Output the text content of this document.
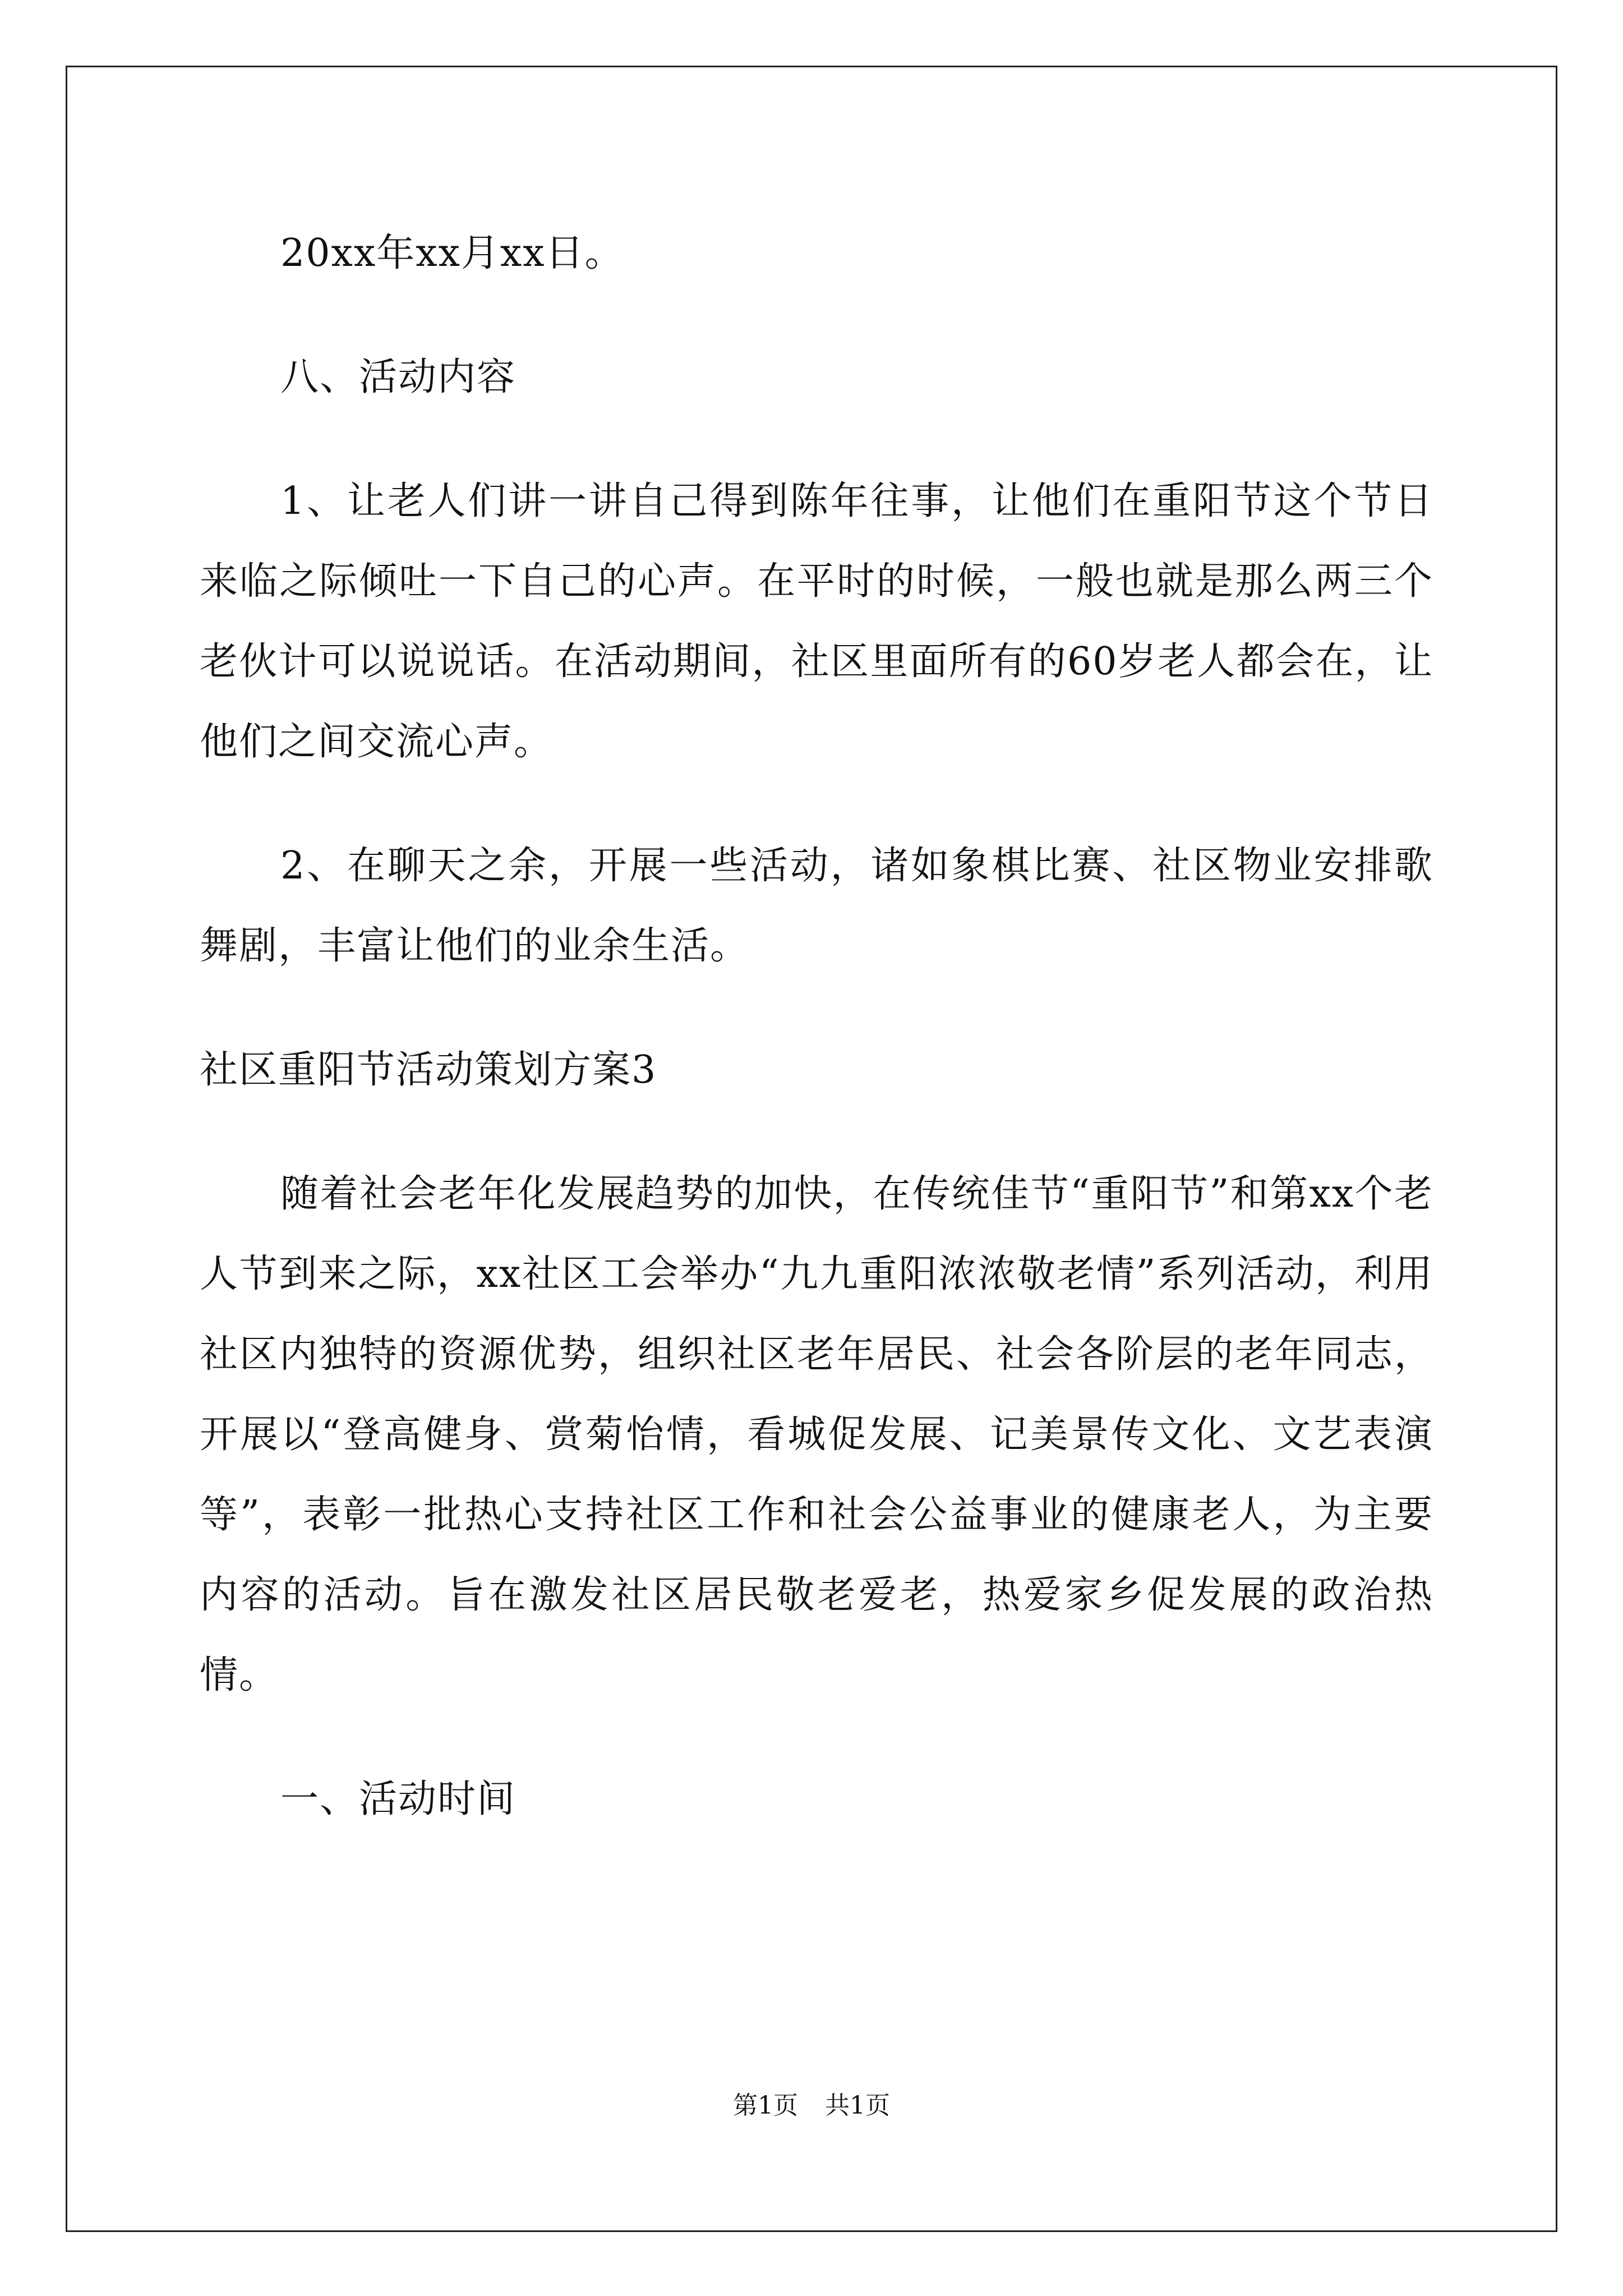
20xx年xx月xx日。

八、活动内容

1、让老人们讲一讲自己得到陈年往事，让他们在重阳节这个节日来临之际倾吐一下自己的心声。在平时的时候，一般也就是那么两三个老伙计可以说说话。在活动期间，社区里面所有的60岁老人都会在，让他们之间交流心声。

2、在聊天之余，开展一些活动，诸如象棋比赛、社区物业安排歌舞剧，丰富让他们的业余生活。

社区重阳节活动策划方案3

随着社会老年化发展趋势的加快，在传统佳节“重阳节”和第xx个老人节到来之际，xx社区工会举办“九九重阳浓浓敬老情”系列活动，利用社区内独特的资源优势，组织社区老年居民、社会各阶层的老年同志，开展以“登高健身、赏菊怡情，看城促发展、记美景传文化、文艺表演等”，表彰一批热心支持社区工作和社会公益事业的健康老人，为主要内容的活动。旨在激发社区居民敬老爱老，热爱家乡促发展的政治热情。

一、活动时间

第1页 共1页
